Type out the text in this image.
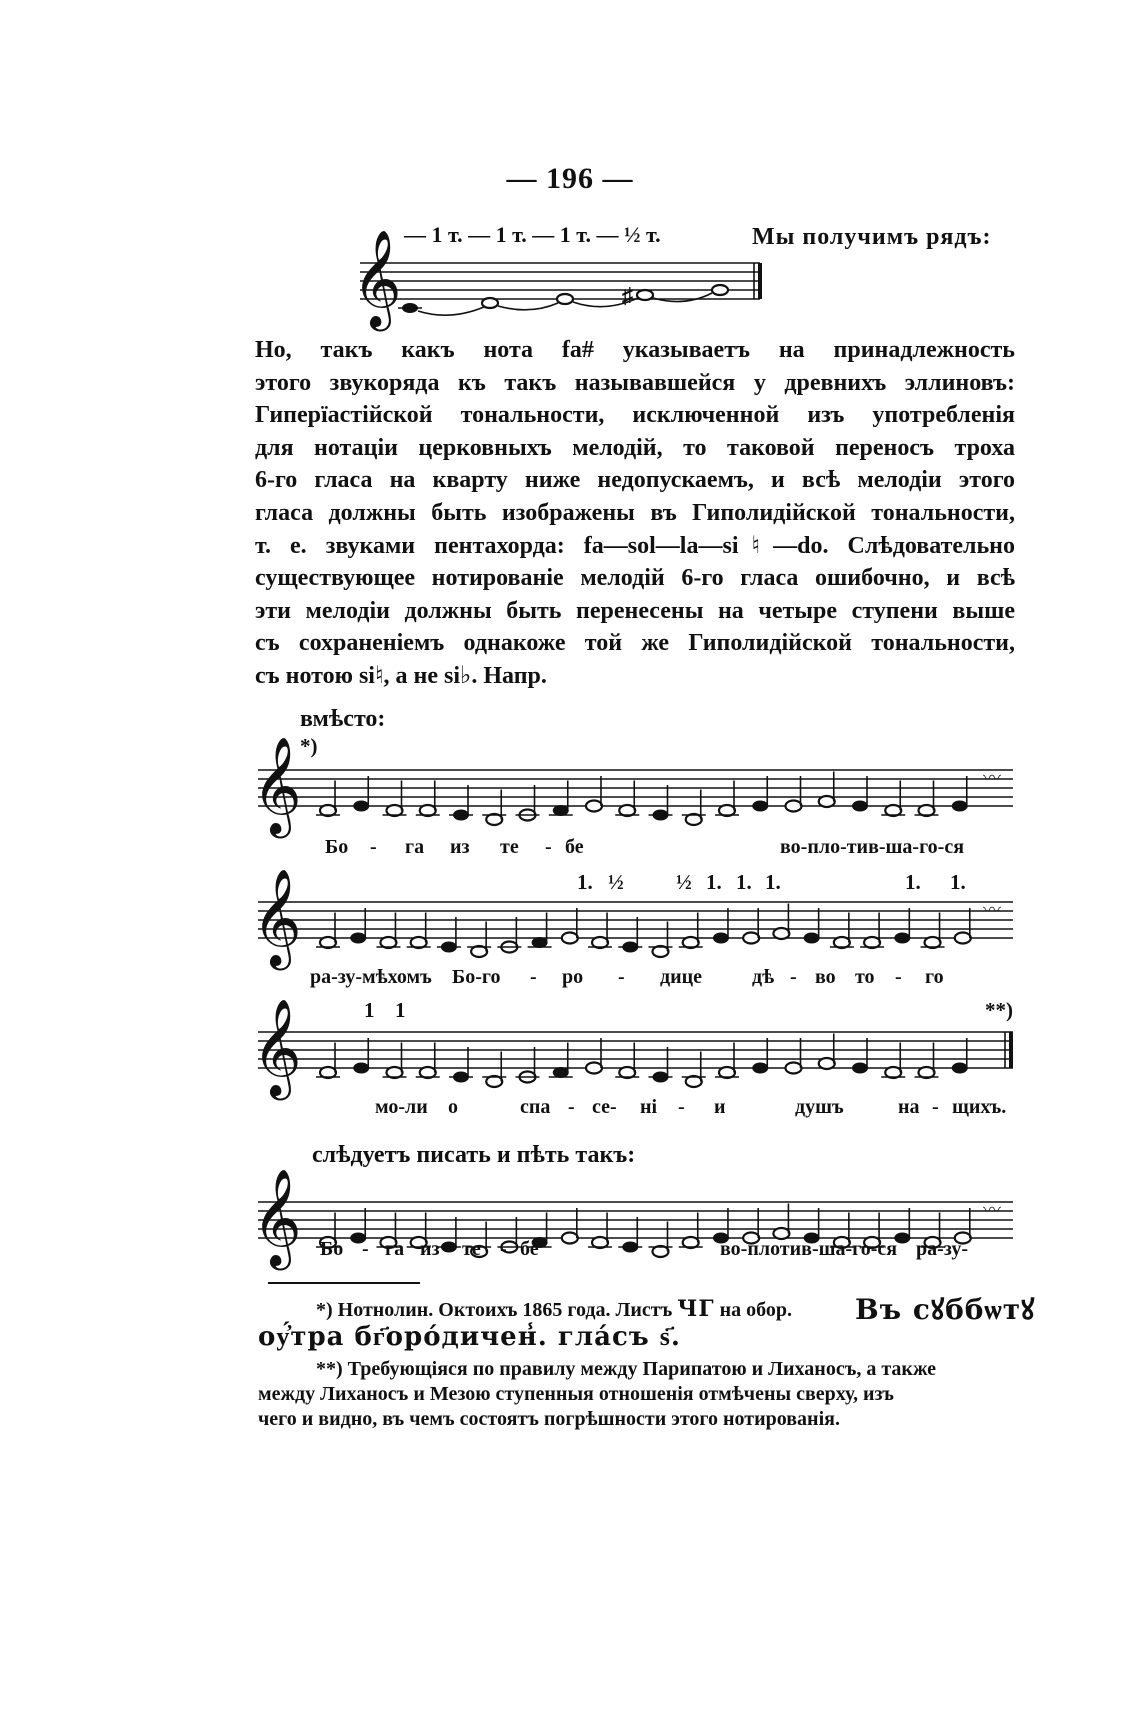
— 196 —
— 1 т. — 1 т. — 1 т. — ½ т.	Мы получимъ рядъ:
𝄞	♯
Но, такъ какъ нота fa# указываетъ на принадлежность
этого звукоряда къ такъ называвшейся у древнихъ эллиновъ:
Гиперїастійской тональности, исключенной изъ употребленія
для нотаціи церковныхъ мелодій, то таковой переносъ троха
6-го гласа на кварту ниже недопускаемъ, и всѣ мелодіи этого
гласа должны быть изображены въ Гиполидійской тональности,
т. е. звуками пентахорда: fa—sol—la—si♮—do. Слѣдовательно
существующее нотированіе мелодій 6-го гласа ошибочно, и всѣ
эти мелодіи должны быть перенесены на четыре ступени выше
съ сохраненіемъ однакоже той же Гиполидійской тональности,
съ нотою si♮, а не si♭. Напр.
вмѣсто:
*)
𝄞	〰
𝄞	〰
𝄞
𝄞	〰
Бо - га из те - бе	во-пло-тив-ша-го-ся
1. ½ ½ 1. 1. 1.	1. 1.
ра-зу-мѣхомъ Бо-го - ро - дице дѣ - во то - го
1 1	**)
мо-ли о	спа - се- ні - и	душъ	на - щихъ.
слѣдуетъ писать и пѣть такъ:
Бо - га из те - бе	во-плотив-ша-го-ся ра-зу-
*) Нотнолин. Октоихъ 1865 года. Листъ ЧГ на обор. Въ сꙋббѡтꙋ
оу҆́тра бг҃оро́дичен̾. гла́съ ѕ҃.
**) Требующіяся по правилу между Парипатою и Лиханосъ, а также
между Лиханосъ и Мезою ступенныя отношенія отмѣчены сверху, изъ
чего и видно, въ чемъ состоятъ погрѣшности этого нотированія.
